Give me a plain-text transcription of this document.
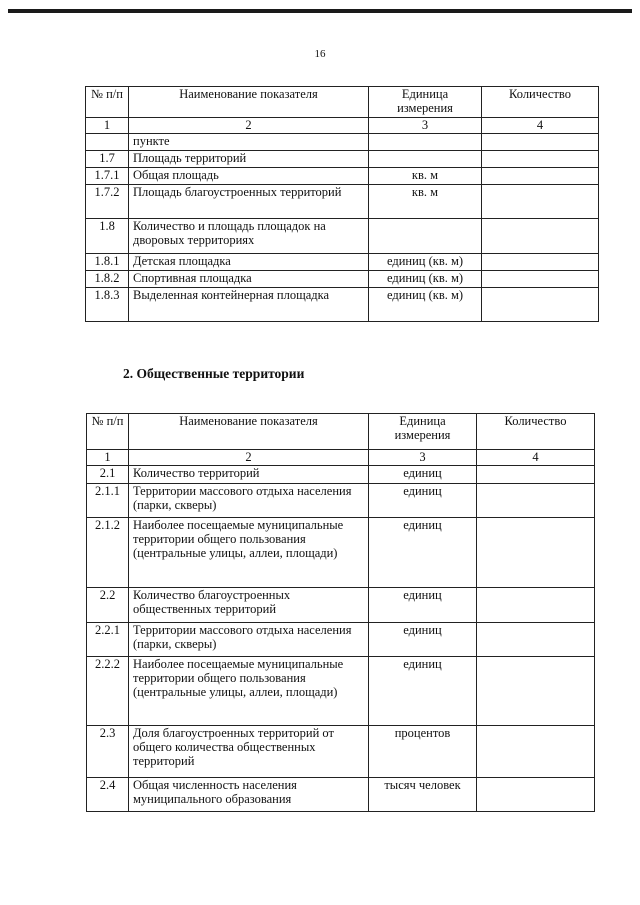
16
№ п/п	Наименование показателя	Единица измерения	Количество
1	2	3	4
	пункте		
1.7	Площадь территорий		
1.7.1	Общая площадь	кв. м	
1.7.2	Площадь благоустроенных территорий	кв. м	
1.8	Количество и площадь площадок на дворовых территориях		
1.8.1	Детская площадка	единиц (кв. м)	
1.8.2	Спортивная площадка	единиц (кв. м)	
1.8.3	Выделенная контейнерная площадка	единиц (кв. м)	
2. Общественные территории
№ п/п	Наименование показателя	Единица измерения	Количество
1	2	3	4
2.1	Количество территорий	единиц	
2.1.1	Территории массового отдыха населения (парки, скверы)	единиц	
2.1.2	Наиболее посещаемые муниципальные территории общего пользования (центральные улицы, аллеи, площади)	единиц	
2.2	Количество благоустроенных общественных территорий	единиц	
2.2.1	Территории массового отдыха населения (парки, скверы)	единиц	
2.2.2	Наиболее посещаемые муниципальные территории общего пользования (центральные улицы, аллеи, площади)	единиц	
2.3	Доля благоустроенных территорий от общего количества общественных территорий	процентов	
2.4	Общая численность населения муниципального образования	тысяч человек	
